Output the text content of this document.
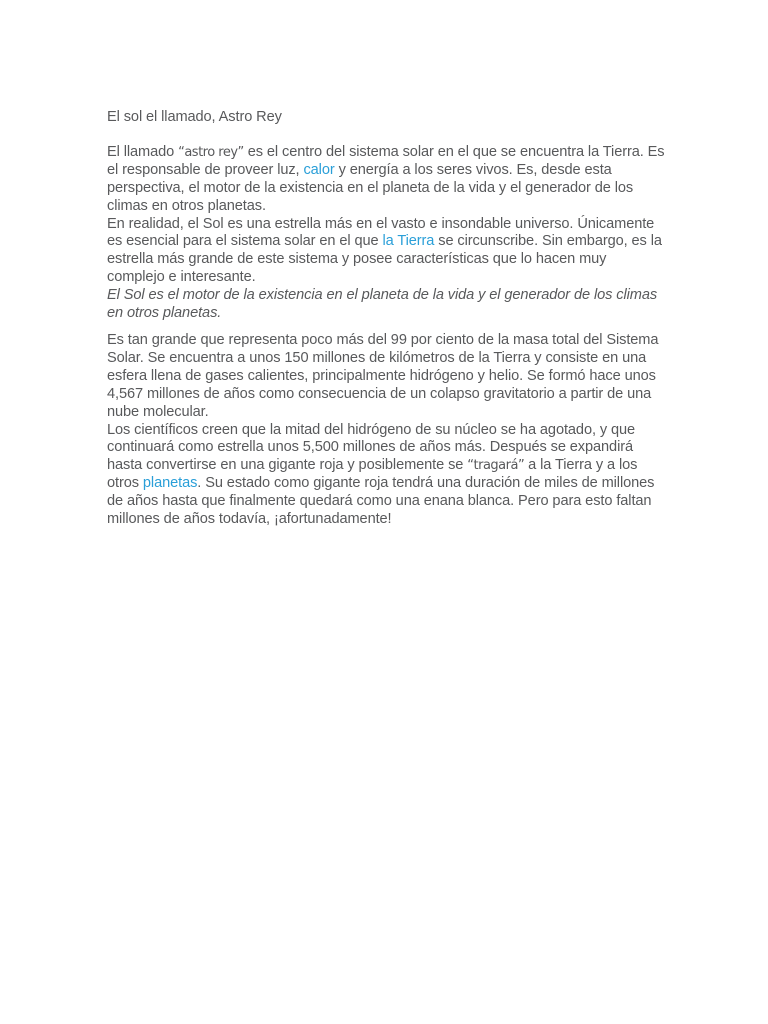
El sol el llamado, Astro Rey

El llamado “astro rey” es el centro del sistema solar en el que se encuentra la Tierra. Es el responsable de proveer luz, calor y energía a los seres vivos. Es, desde esta perspectiva, el motor de la existencia en el planeta de la vida y el generador de los climas en otros planetas.

En realidad, el Sol es una estrella más en el vasto e insondable universo. Únicamente es esencial para el sistema solar en el que la Tierra se circunscribe. Sin embargo, es la estrella más grande de este sistema y posee características que lo hacen muy complejo e interesante.

El Sol es el motor de la existencia en el planeta de la vida y el generador de los climas en otros planetas.

Es tan grande que representa poco más del 99 por ciento de la masa total del Sistema Solar. Se encuentra a unos 150 millones de kilómetros de la Tierra y consiste en una esfera llena de gases calientes, principalmente hidrógeno y helio. Se formó hace unos 4,567 millones de años como consecuencia de un colapso gravitatorio a partir de una nube molecular.

Los científicos creen que la mitad del hidrógeno de su núcleo se ha agotado, y que continuará como estrella unos 5,500 millones de años más. Después se expandirá hasta convertirse en una gigante roja y posiblemente se “tragará” a la Tierra y a los otros planetas. Su estado como gigante roja tendrá una duración de miles de millones de años hasta que finalmente quedará como una enana blanca. Pero para esto faltan millones de años todavía, ¡afortunadamente!
